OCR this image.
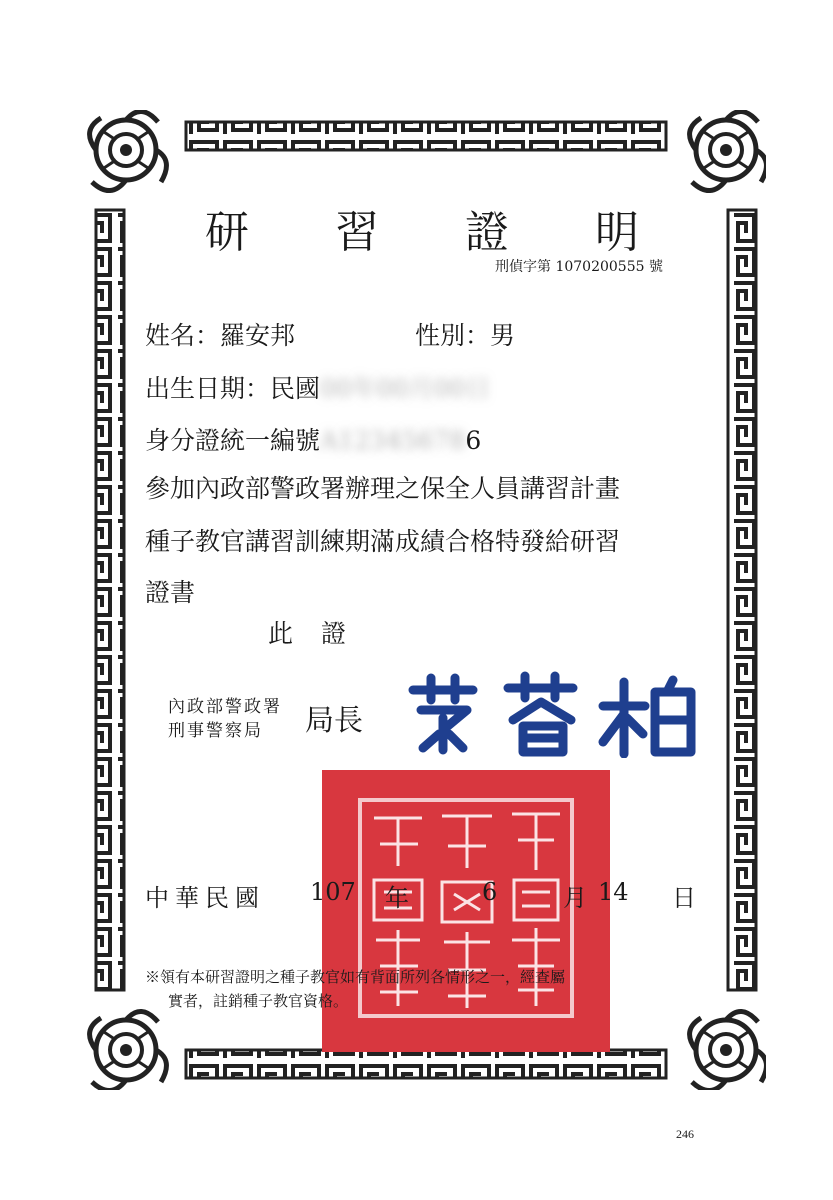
研 習 證 明
刑偵字第 1070200555 號
姓名：羅安邦	性別：男
出生日期：民國00年00月00日
身分證統一編號A123456786
參加內政部警政署辦理之保全人員講習計畫
種子教官講習訓練期滿成績合格特發給研習
證書
此 證
內政部警政署
刑事警察局	局長
中華民國 107 年	6	月 14 日
※領有本研習證明之種子教官如有背面所列各情形之一，經查屬
實者，註銷種子教官資格。
246
